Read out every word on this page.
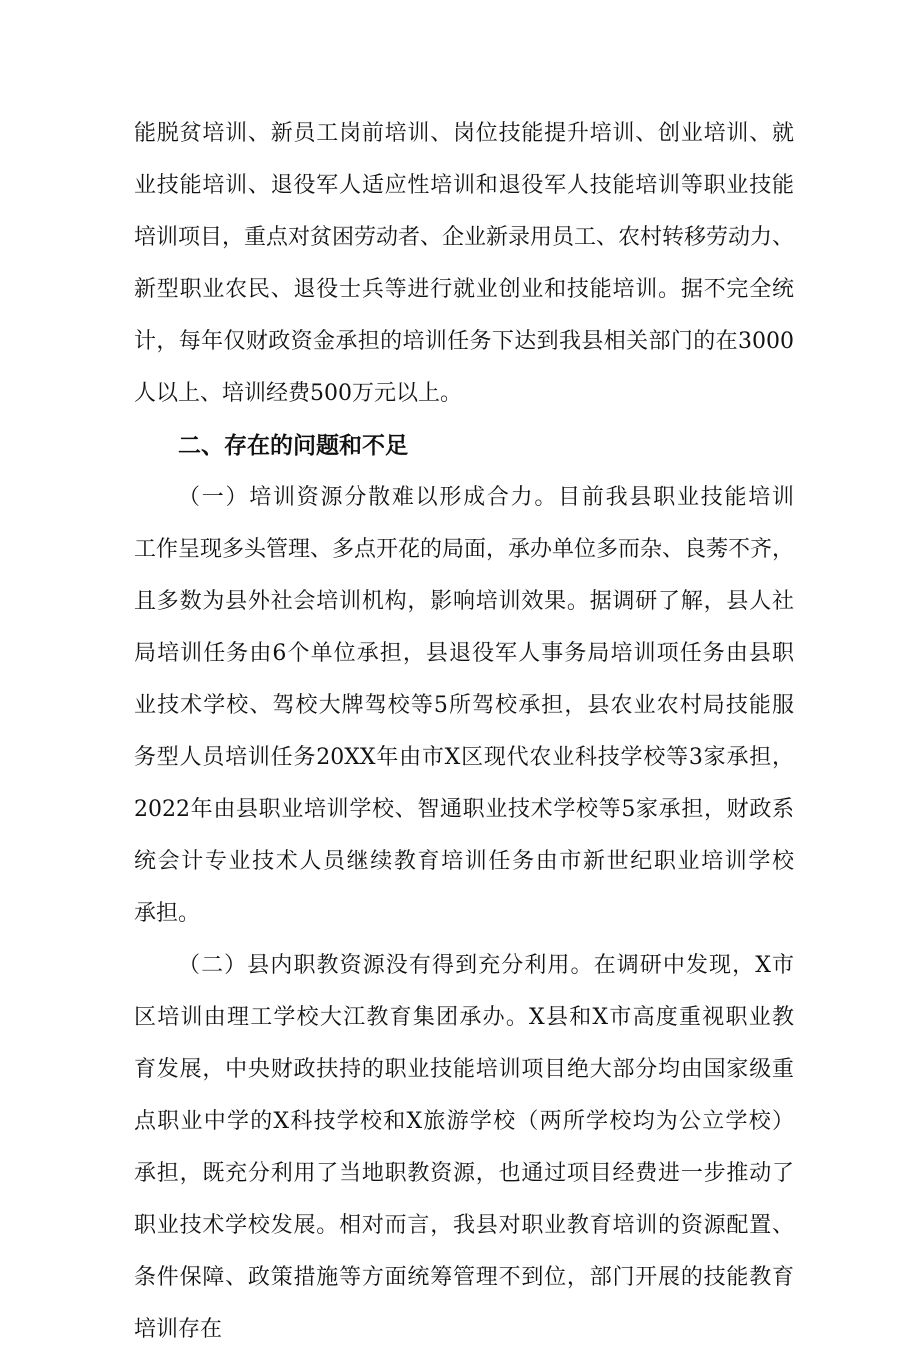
能脱贫培训、新员工岗前培训、岗位技能提升培训、创业培训、就
业技能培训、退役军人适应性培训和退役军人技能培训等职业技能
培训项目，重点对贫困劳动者、企业新录用员工、农村转移劳动力、
新型职业农民、退役士兵等进行就业创业和技能培训。据不完全统
计，每年仅财政资金承担的培训任务下达到我县相关部门的在3000
人以上、培训经费500万元以上。
二、存在的问题和不足
（一）培训资源分散难以形成合力。目前我县职业技能培训
工作呈现多头管理、多点开花的局面，承办单位多而杂、良莠不齐，
且多数为县外社会培训机构，影响培训效果。据调研了解，县人社
局培训任务由6个单位承担，县退役军人事务局培训项任务由县职
业技术学校、驾校大牌驾校等5所驾校承担，县农业农村局技能服
务型人员培训任务20XX年由市X区现代农业科技学校等3家承担，
2022年由县职业培训学校、智通职业技术学校等5家承担，财政系
统会计专业技术人员继续教育培训任务由市新世纪职业培训学校
承担。
（二）县内职教资源没有得到充分利用。在调研中发现，X市
区培训由理工学校大江教育集团承办。X县和X市高度重视职业教
育发展，中央财政扶持的职业技能培训项目绝大部分均由国家级重
点职业中学的X科技学校和X旅游学校（两所学校均为公立学校）
承担，既充分利用了当地职教资源，也通过项目经费进一步推动了
职业技术学校发展。相对而言，我县对职业教育培训的资源配置、
条件保障、政策措施等方面统筹管理不到位，部门开展的技能教育
培训存在
